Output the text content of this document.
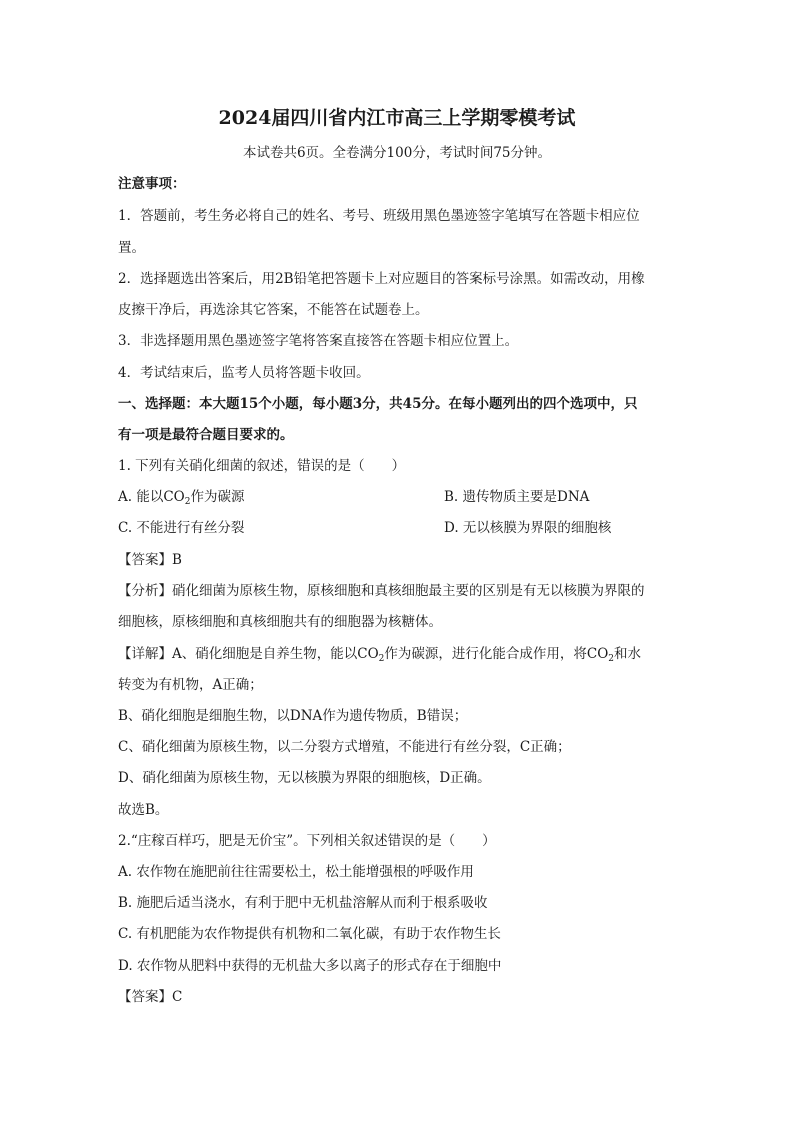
2024届四川省内江市高三上学期零模考试
本试卷共6页。全卷满分100分，考试时间75分钟。
注意事项：
1．答题前，考生务必将自己的姓名、考号、班级用黑色墨迹签字笔填写在答题卡相应位
置。
2．选择题选出答案后，用2B铅笔把答题卡上对应题目的答案标号涂黑。如需改动，用橡
皮擦干净后，再选涂其它答案，不能答在试题卷上。
3．非选择题用黑色墨迹签字笔将答案直接答在答题卡相应位置上。
4．考试结束后，监考人员将答题卡收回。
一、选择题：本大题15个小题，每小题3分，共45分。在每小题列出的四个选项中，只
有一项是最符合题目要求的。
1. 下列有关硝化细菌的叙述，错误的是（　　）
A. 能以$CO_2$作为碳源	B. 遗传物质主要是DNA
C. 不能进行有丝分裂	D. 无以核膜为界限的细胞核
【答案】B
【分析】硝化细菌为原核生物，原核细胞和真核细胞最主要的区别是有无以核膜为界限的
细胞核，原核细胞和真核细胞共有的细胞器为核糖体。
【详解】A、硝化细胞是自养生物，能以$CO_2$作为碳源，进行化能合成作用，将$CO_2$和水
转变为有机物，A正确；
B、硝化细胞是细胞生物，以DNA作为遗传物质，B错误；
C、硝化细菌为原核生物，以二分裂方式增殖，不能进行有丝分裂，C正确；
D、硝化细菌为原核生物，无以核膜为界限的细胞核，D正确。
故选B。
2.“庄稼百样巧，肥是无价宝”。下列相关叙述错误的是（　　）
A. 农作物在施肥前往往需要松土，松土能增强根的呼吸作用
B. 施肥后适当浇水，有利于肥中无机盐溶解从而利于根系吸收
C. 有机肥能为农作物提供有机物和二氧化碳，有助于农作物生长
D. 农作物从肥料中获得的无机盐大多以离子的形式存在于细胞中
【答案】C
